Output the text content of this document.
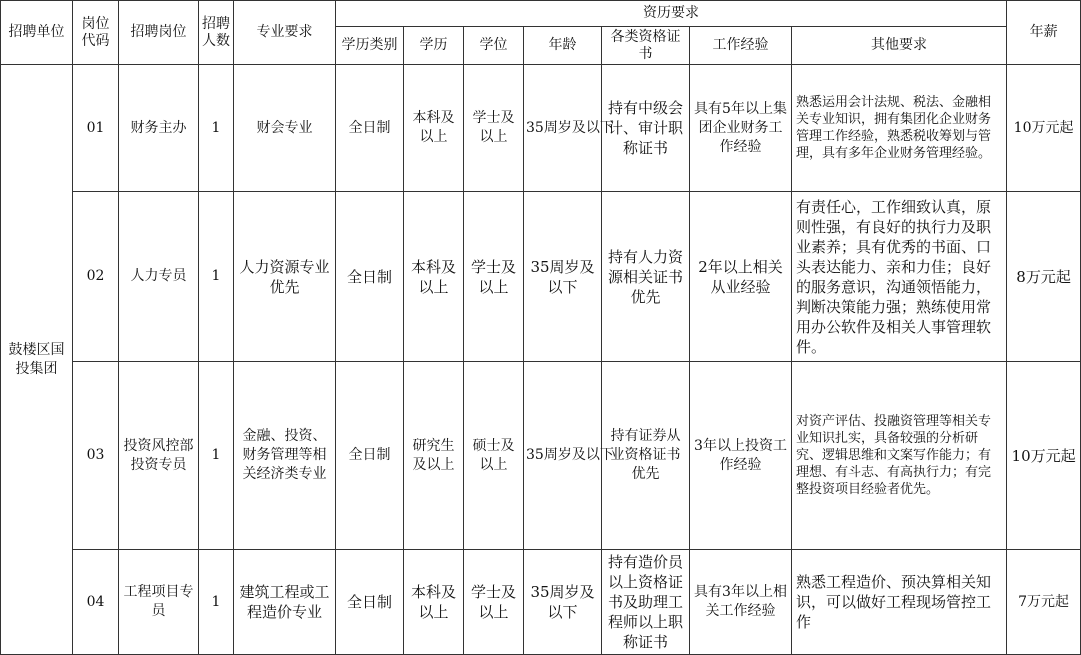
招聘单位	岗位代码	招聘岗位	招聘人数	专业要求	资历要求							年薪
					学历类别	学历	学位	年龄	各类资格证书	工作经验	其他要求	
鼓楼区国投集团	01	财务主办	1	财会专业	全日制	本科及以上	学士及以上	35周岁及以下	持有中级会计、审计职称证书	具有5年以上集团企业财务工作经验	熟悉运用会计法规、税法、金融相关专业知识，拥有集团化企业财务管理工作经验，熟悉税收筹划与管理，具有多年企业财务管理经验。	10万元起
	02	人力专员	1	人力资源专业优先	全日制	本科及以上	学士及以上	35周岁及以下	持有人力资源相关证书优先	2年以上相关从业经验	有责任心，工作细致认真，原则性强，有良好的执行力及职业素养；具有优秀的书面、口头表达能力、亲和力佳；良好的服务意识，沟通领悟能力，判断决策能力强；熟练使用常用办公软件及相关人事管理软件。	8万元起
	03	投资风控部投资专员	1	金融、投资、财务管理等相关经济类专业	全日制	研究生及以上	硕士及以上	35周岁及以下	持有证券从业资格证书优先	3年以上投资工作经验	对资产评估、投融资管理等相关专业知识扎实，具备较强的分析研究、逻辑思维和文案写作能力；有理想、有斗志、有高执行力；有完整投资项目经验者优先。	10万元起
	04	工程项目专员	1	建筑工程或工程造价专业	全日制	本科及以上	学士及以上	35周岁及以下	持有造价员以上资格证书及助理工程师以上职称证书	具有3年以上相关工作经验	熟悉工程造价、预决算相关知识，可以做好工程现场管控工作	7万元起
